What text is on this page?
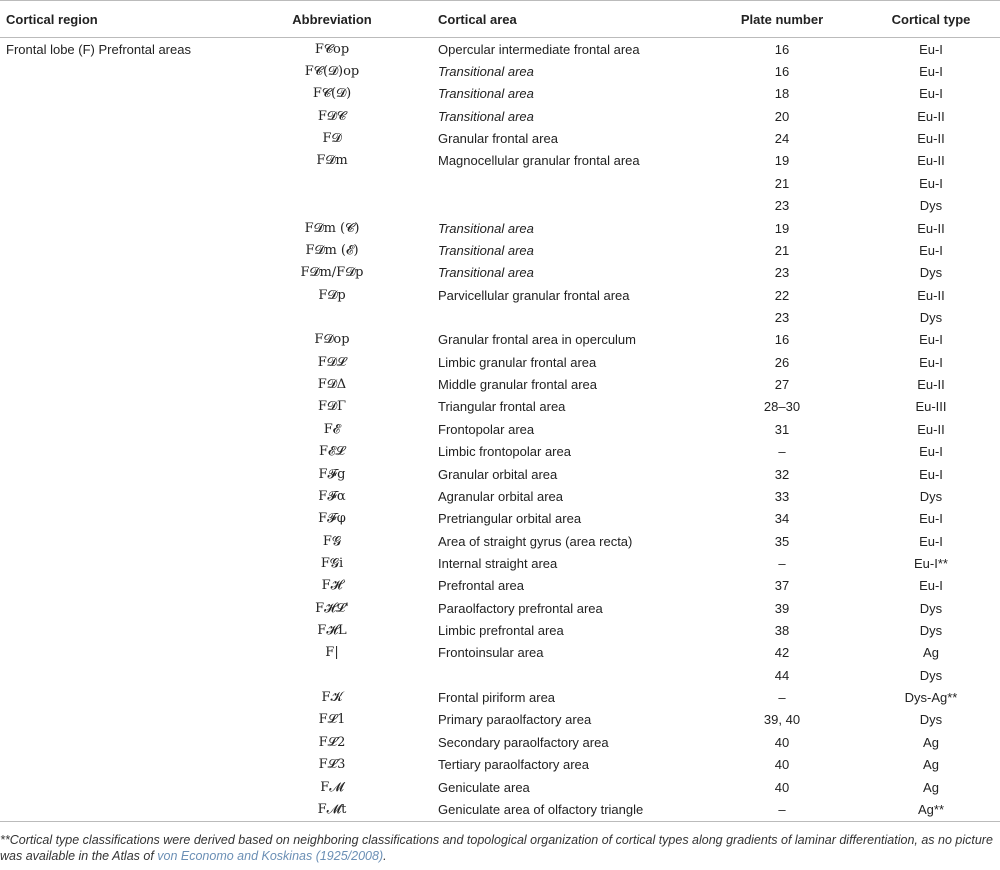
Cortical region	Abbreviation	Cortical area	Plate number	Cortical type
Frontal lobe (F) Prefrontal areas	F𝓒op	Opercular intermediate frontal area	16	Eu-I
	F𝓒(𝓓)op	Transitional area	16	Eu-I
	F𝓒(𝓓)	Transitional area	18	Eu-I
	F𝓓𝓒	Transitional area	20	Eu-II
	F𝓓	Granular frontal area	24	Eu-II
	F𝓓m	Magnocellular granular frontal area	19	Eu-II
			21	Eu-I
			23	Dys
	F𝓓m (𝓒)	Transitional area	19	Eu-II
	F𝓓m (𝓔)	Transitional area	21	Eu-I
	F𝓓m/F𝓓p	Transitional area	23	Dys
	F𝓓p	Parvicellular granular frontal area	22	Eu-II
			23	Dys
	F𝓓op	Granular frontal area in operculum	16	Eu-I
	F𝓓𝓛	Limbic granular frontal area	26	Eu-I
	F𝓓Δ	Middle granular frontal area	27	Eu-II
	F𝓓Γ	Triangular frontal area	28–30	Eu-III
	F𝓔	Frontopolar area	31	Eu-II
	F𝓔𝓛	Limbic frontopolar area	–	Eu-I
	F𝓕g	Granular orbital area	32	Eu-I
	F𝓕α	Agranular orbital area	33	Dys
	F𝓕φ	Pretriangular orbital area	34	Eu-I
	F𝓖	Area of straight gyrus (area recta)	35	Eu-I
	F𝓖i	Internal straight area	–	Eu-I**
	F𝓗	Prefrontal area	37	Eu-I
	F𝓗𝓛'	Paraolfactory prefrontal area	39	Dys
	F𝓗L	Limbic prefrontal area	38	Dys
	F|	Frontoinsular area	42	Ag
			44	Dys
	F𝓚	Frontal piriform area	–	Dys-Ag**
	F𝓛1	Primary paraolfactory area	39, 40	Dys
	F𝓛2	Secondary paraolfactory area	40	Ag
	F𝓛3	Tertiary paraolfactory area	40	Ag
	F𝓜	Geniculate area	40	Ag
	F𝓜t	Geniculate area of olfactory triangle	–	Ag**
**Cortical type classifications were derived based on neighboring classifications and topological organization of cortical types along gradients of laminar differentiation, as no picture was available in the Atlas of von Economo and Koskinas (1925/2008).
